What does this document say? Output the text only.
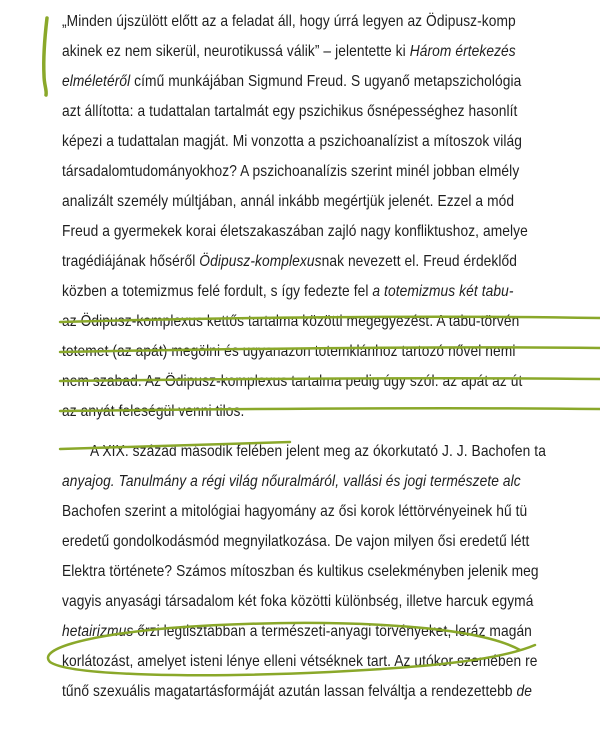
„Minden újszülött előtt az a feladat áll, hogy úrrá legyen az Ödipusz-komp
akinek ez nem sikerül, neurotikussá válik” – jelentette ki Három értekezés
elméletéről című munkájában Sigmund Freud. S ugyanő metapszichológia
azt állította: a tudattalan tartalmát egy pszichikus ősnépességhez hasonlít
képezi a tudattalan magját. Mi vonzotta a pszichoanalízist a mítoszok világ
társadalomtudományokhoz? A pszichoanalízis szerint minél jobban elmély
analizált személy múltjában, annál inkább megértjük jelenét. Ezzel a mód
Freud a gyermekek korai életszakaszában zajló nagy konfliktushoz, amelye
tragédiájának hőséről Ödipusz-komplexusnak nevezett el. Freud érdeklőd
közben a totemizmus felé fordult, s így fedezte fel a totemizmus két tabu-
az Ödipusz-komplexus kettős tartalma közötti megegyezést. A tabu-törvén
totemet (az apát) megölni és ugyanazon totemklánhoz tartozó nővel nemi
nem szabad. Az Ödipusz-komplexus tartalma pedig úgy szól: az apát az út
az anyát feleségül venni tilos.
A XIX. század második felében jelent meg az ókorkutató J. J. Bachofen ta
anyajog. Tanulmány a régi világ nőuralmáról, vallási és jogi természete alc
Bachofen szerint a mitológiai hagyomány az ősi korok léttörvényeinek hű tü
eredetű gondolkodásmód megnyilatkozása. De vajon milyen ősi eredetű létt
Elektra története? Számos mítoszban és kultikus cselekményben jelenik meg
vagyis anyasági társadalom két foka közötti különbség, illetve harcuk egymá
hetairizmus őrzi legtisztábban a természeti-anyagi törvényeket, leráz magán
korlátozást, amelyet isteni lénye elleni vétséknek tart. Az utókor szemében re
tűnő szexuális magatartásformáját azután lassan felváltja a rendezettebb de
